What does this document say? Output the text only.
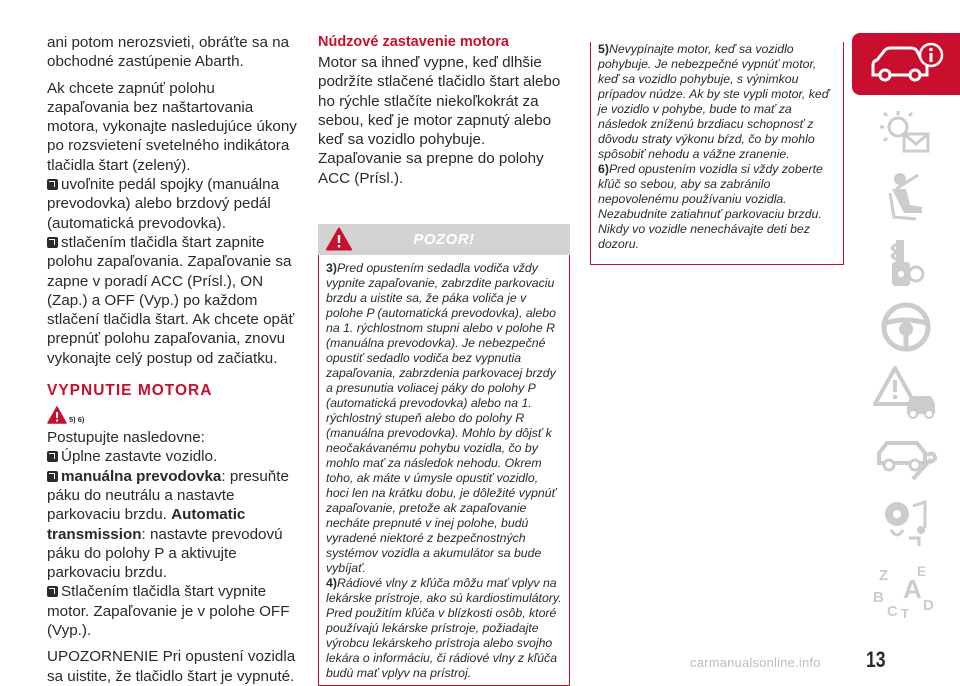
ani potom nerozsvieti, obráťte sa na obchodné zastúpenie Abarth.

Ak chcete zapnúť polohu zapaľovania bez naštartovania motora, vykonajte nasledujúce úkony po rozsvietení svetelného indikátora tlačidla štart (zelený).

uvoľnite pedál spojky (manuálna prevodovka) alebo brzdový pedál (automatická prevodovka).

stlačením tlačidla štart zapnite polohu zapaľovania. Zapaľovanie sa zapne v poradí ACC (Prísl.), ON (Zap.) a OFF (Vyp.) po každom stlačení tlačidla štart. Ak chcete opäť prepnúť polohu zapaľovania, znovu vykonajte celý postup od začiatku.

VYPNUTIE MOTORA
5) 6)

Postupujte nasledovne:

Úplne zastavte vozidlo.

manuálna prevodovka: presuňte páku do neutrálu a nastavte parkovaciu brzdu. Automatic transmission: nastavte prevodovú páku do polohy P a aktivujte parkovaciu brzdu.

Stlačením tlačidla štart vypnite motor. Zapaľovanie je v polohe OFF (Vyp.).

UPOZORNENIE Pri opustení vozidla sa uistite, že tlačidlo štart je vypnuté.

Núdzové zastavenie motora

Motor sa ihneď vypne, keď dlhšie podržíte stlačené tlačidlo štart alebo ho rýchle stlačíte niekoľkokrát za sebou, keď je motor zapnutý alebo keď sa vozidlo pohybuje. Zapaľovanie sa prepne do polohy ACC (Prísl.).

POZOR!

3)Pred opustením sedadla vodiča vždy vypnite zapaľovanie, zabrzdite parkovaciu brzdu a uistite sa, že páka voliča je v polohe P (automatická prevodovka), alebo na 1. rýchlostnom stupni alebo v polohe R (manuálna prevodovka). Je nebezpečné opustiť sedadlo vodiča bez vypnutia zapaľovania, zabrzdenia parkovacej brzdy a presunutia voliacej páky do polohy P (automatická prevodovka) alebo na 1. rýchlostný stupeň alebo do polohy R (manuálna prevodovka). Mohlo by dôjsť k neočakávanému pohybu vozidla, čo by mohlo mať za následok nehodu. Okrem toho, ak máte v úmysle opustiť vozidlo, hoci len na krátku dobu, je dôležité vypnúť zapaľovanie, pretože ak zapaľovanie necháte prepnuté v inej polohe, budú vyradené niektoré z bezpečnostných systémov vozidla a akumulátor sa bude vybíjať.

4)Rádiové vlny z kľúča môžu mať vplyv na lekárske prístroje, ako sú kardiostimulátory. Pred použitím kľúča v blízkosti osôb, ktoré používajú lekárske prístroje, požiadajte výrobcu lekárskeho prístroja alebo svojho lekára o informáciu, či rádiové vlny z kľúča budú mať vplyv na prístroj.

5)Nevypínajte motor, keď sa vozidlo pohybuje. Je nebezpečné vypnúť motor, keď sa vozidlo pohybuje, s výnimkou prípadov núdze. Ak by ste vypli motor, keď je vozidlo v pohybe, bude to mať za následok zníženú brzdiacu schopnosť z dôvodu straty výkonu bŕzd, čo by mohlo spôsobiť nehodu a vážne zranenie.

6)Pred opustením vozidla si vždy zoberte kľúč so sebou, aby sa zabránilo nepovolenému používaniu vozidla. Nezabudnite zatiahnuť parkovaciu brzdu. Nikdy vo vozidle nenechávajte deti bez dozoru.

Z E
B A
C T D
13
carmanualsonline.info
